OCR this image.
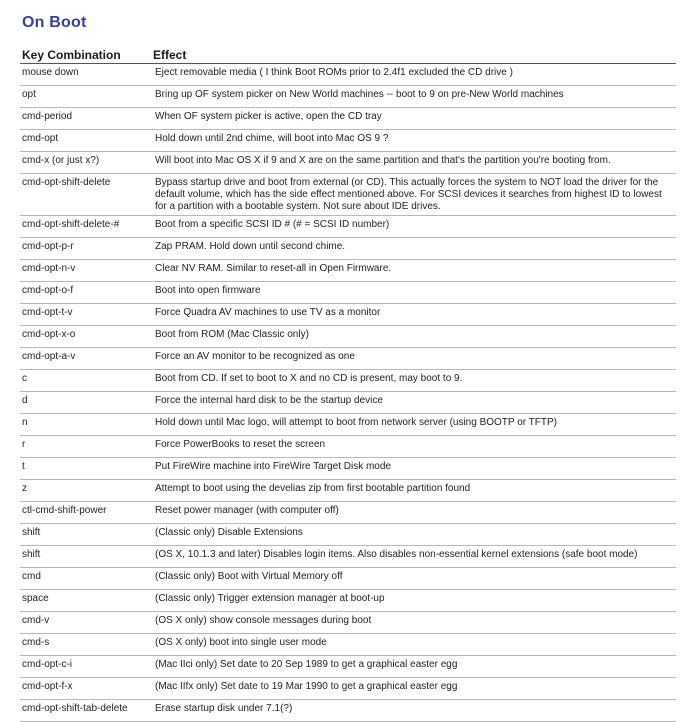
On Boot
Key Combination	Effect
mouse down	Eject removable media ( I think Boot ROMs prior to 2.4f1 excluded the CD drive )
opt	Bring up OF system picker on New World machines -- boot to 9 on pre-New World machines
cmd-period	When OF system picker is active, open the CD tray
cmd-opt	Hold down until 2nd chime, will boot into Mac OS 9 ?
cmd-x (or just x?)	Will boot into Mac OS X if 9 and X are on the same partition and that's the partition you're booting from.
cmd-opt-shift-delete	Bypass startup drive and boot from external (or CD). This actually forces the system to NOT load the driver for the default volume, which has the side effect mentioned above. For SCSI devices it searches from highest ID to lowest for a partition with a bootable system. Not sure about IDE drives.
cmd-opt-shift-delete-#	Boot from a specific SCSI ID # (# = SCSI ID number)
cmd-opt-p-r	Zap PRAM. Hold down until second chime.
cmd-opt-n-v	Clear NV RAM. Similar to reset-all in Open Firmware.
cmd-opt-o-f	Boot into open firmware
cmd-opt-t-v	Force Quadra AV machines to use TV as a monitor
cmd-opt-x-o	Boot from ROM (Mac Classic only)
cmd-opt-a-v	Force an AV monitor to be recognized as one
c	Boot from CD. If set to boot to X and no CD is present, may boot to 9.
d	Force the internal hard disk to be the startup device
n	Hold down until Mac logo, will attempt to boot from network server (using BOOTP or TFTP)
r	Force PowerBooks to reset the screen
t	Put FireWire machine into FireWire Target Disk mode
z	Attempt to boot using the develias zip from first bootable partition found
ctl-cmd-shift-power	Reset power manager (with computer off)
shift	(Classic only) Disable Extensions
shift	(OS X, 10.1.3 and later) Disables login items. Also disables non-essential kernel extensions (safe boot mode)
cmd	(Classic only) Boot with Virtual Memory off
space	(Classic only) Trigger extension manager at boot-up
cmd-v	(OS X only) show console messages during boot
cmd-s	(OS X only) boot into single user mode
cmd-opt-c-i	(Mac IIci only) Set date to 20 Sep 1989 to get a graphical easter egg
cmd-opt-f-x	(Mac IIfx only) Set date to 19 Mar 1990 to get a graphical easter egg
cmd-opt-shift-tab-delete	Erase startup disk under 7.1(?)
